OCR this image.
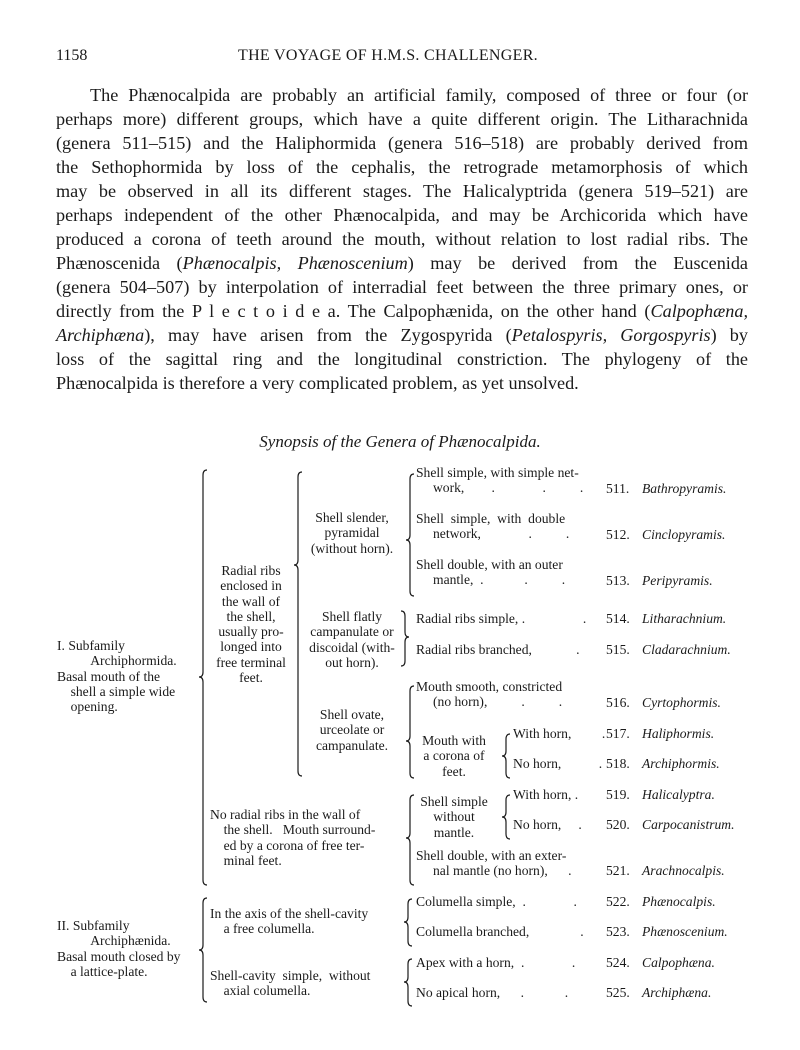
1158	THE VOYAGE OF H.M.S. CHALLENGER.
The Phænocalpida are probably an artificial family, composed of three or four (or
perhaps more) different groups, which have a quite different origin. The Litharachnida
(genera 511–515) and the Haliphormida (genera 516–518) are probably derived from
the Sethophormida by loss of the cephalis, the retrograde metamorphosis of which
may be observed in all its different stages. The Halicalyptrida (genera 519–521) are
perhaps independent of the other Phænocalpida, and may be Archicorida which have
produced a corona of teeth around the mouth, without relation to lost radial ribs. The
Phænoscenida (Phænocalpis, Phænoscenium) may be derived from the Euscenida
(genera 504–507) by interpolation of interradial feet between the three primary ones, or
directly from the P l e c t o i d e a. The Calpophænida, on the other hand (Calpophæna,
Archiphæna), may have arisen from the Zygospyrida (Petalospyris, Gorgospyris) by
loss of the sagittal ring and the longitudinal constriction. The phylogeny of the
Phænocalpida is therefore a very complicated problem, as yet unsolved.
Synopsis of the Genera of Phænocalpida.
I. Subfamily
Archiphormida.
Basal mouth of the
shell a simple wide
opening.
II. Subfamily
Archiphænida.
Basal mouth closed by
a lattice-plate.
Radial ribs
enclosed in
the wall of
the shell,
usually pro-
longed into
free terminal
feet.
No radial ribs in the wall of
the shell.   Mouth surround-
ed by a corona of free ter-
minal feet.
Shell slender,
pyramidal
(without horn).
Shell flatly
campanulate or
discoidal (with-
out horn).
Shell ovate,
urceolate or
campanulate.
In the axis of the shell-cavity
a free columella.
Shell-cavity  simple,  without
axial columella.
Mouth with
a corona of
feet.
Shell simple
without
mantle.
Shell simple, with simple net-
work,        .              .          . 511. Bathropyramis.
Shell  simple,  with  double
network,              .          .	512. Cinclopyramis.
Shell double, with an outer
mantle,  .            .          .	513. Peripyramis.
Radial ribs simple, .                 . 514. Litharachnium.
Radial ribs branched,             . 515. Cladarachnium.
Mouth smooth, constricted
(no horn),          .          .	516. Cyrtophormis.
With horn,         . 517. Haliphormis.
No horn,           . 518. Archiphormis.
With horn, . 519. Halicalyptra.
No horn,     . 520. Carpocanistrum.
Shell double, with an exter-
nal mantle (no horn),      .	521. Arachnocalpis.
Columella simple,  .              . 522. Phænocalpis.
Columella branched,               . 523. Phænoscenium.
Apex with a horn,  .              . 524. Calpophæna.
No apical horn,      .            .	525. Archiphæna.
